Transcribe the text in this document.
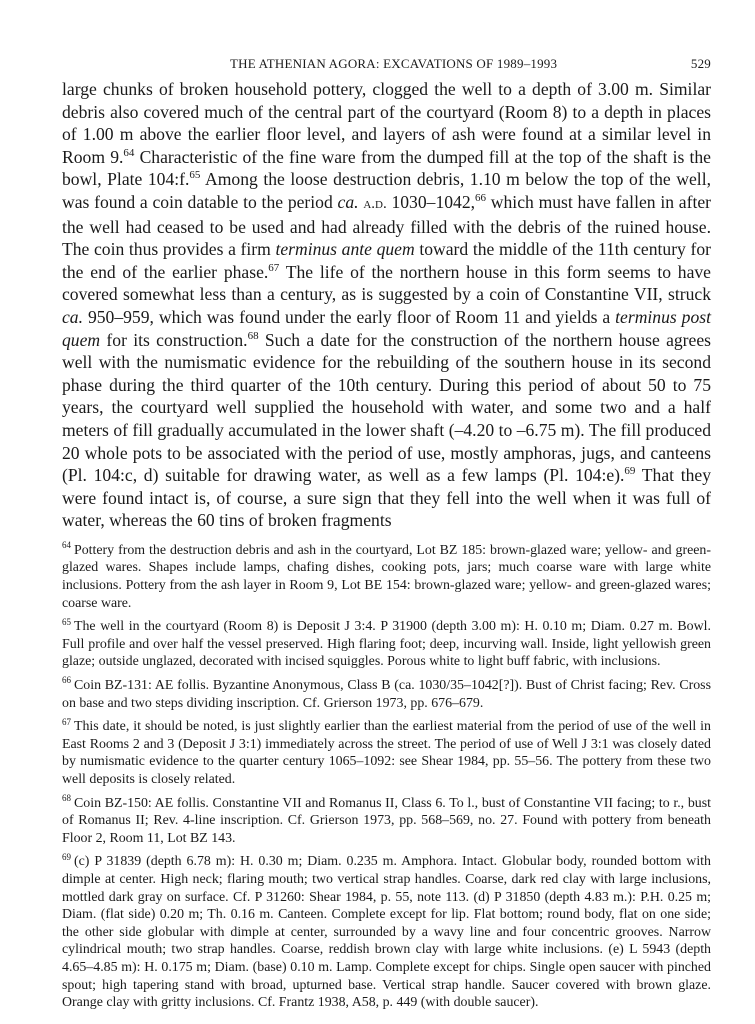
THE ATHENIAN AGORA: EXCAVATIONS OF 1989–1993	529
large chunks of broken household pottery, clogged the well to a depth of 3.00 m. Similar debris also covered much of the central part of the courtyard (Room 8) to a depth in places of 1.00 m above the earlier floor level, and layers of ash were found at a similar level in Room 9.64 Characteristic of the fine ware from the dumped fill at the top of the shaft is the bowl, Plate 104:f.$^{65}$ Among the loose destruction debris, 1.10 m below the top of the well, was found a coin datable to the period ca. a.d. 1030–1042,66 which must have fallen in after the well had ceased to be used and had already filled with the debris of the ruined house. The coin thus provides a firm terminus ante quem toward the middle of the 11th century for the end of the earlier phase.$^{67}$ The life of the northern house in this form seems to have covered somewhat less than a century, as is suggested by a coin of Constantine VII, struck ca. 950–959, which was found under the early floor of Room 11 and yields a terminus post quem for its construction.$^{68}$ Such a date for the construction of the northern house agrees well with the numismatic evidence for the rebuilding of the southern house in its second phase during the third quarter of the 10th century. During this period of about 50 to 75 years, the courtyard well supplied the household with water, and some two and a half meters of fill gradually accumulated in the lower shaft (–4.20 to –6.75 m). The fill produced 20 whole pots to be associated with the period of use, mostly amphoras, jugs, and canteens (Pl. 104:c, d) suitable for drawing water, as well as a few lamps (Pl. 104:e).$^{69}$ That they were found intact is, of course, a sure sign that they fell into the well when it was full of water, whereas the 60 tins of broken fragments

$^{64}$ Pottery from the destruction debris and ash in the courtyard, Lot BZ 185: brown-glazed ware; yellow- and green-glazed wares. Shapes include lamps, chafing dishes, cooking pots, jars; much coarse ware with large white inclusions. Pottery from the ash layer in Room 9, Lot BE 154: brown-glazed ware; yellow- and green-glazed wares; coarse ware.

$^{65}$ The well in the courtyard (Room 8) is Deposit J 3:4. P 31900 (depth 3.00 m): H. 0.10 m; Diam. 0.27 m. Bowl. Full profile and over half the vessel preserved. High flaring foot; deep, incurving wall. Inside, light yellowish green glaze; outside unglazed, decorated with incised squiggles. Porous white to light buff fabric, with inclusions.

$^{66}$ Coin BZ-131: AE follis. Byzantine Anonymous, Class B (ca. 1030/35–1042[?]). Bust of Christ facing; Rev. Cross on base and two steps dividing inscription. Cf. Grierson 1973, pp. 676–679.

$^{67}$ This date, it should be noted, is just slightly earlier than the earliest material from the period of use of the well in East Rooms 2 and 3 (Deposit J 3:1) immediately across the street. The period of use of Well J 3:1 was closely dated by numismatic evidence to the quarter century 1065–1092: see Shear 1984, pp. 55–56. The pottery from these two well deposits is closely related.

$^{68}$ Coin BZ-150: AE follis. Constantine VII and Romanus II, Class 6. To l., bust of Constantine VII facing; to r., bust of Romanus II; Rev. 4-line inscription. Cf. Grierson 1973, pp. 568–569, no. 27. Found with pottery from beneath Floor 2, Room 11, Lot BZ 143.

$^{69}$ (c) P 31839 (depth 6.78 m): H. 0.30 m; Diam. 0.235 m. Amphora. Intact. Globular body, rounded bottom with dimple at center. High neck; flaring mouth; two vertical strap handles. Coarse, dark red clay with large inclusions, mottled dark gray on surface. Cf. P 31260: Shear 1984, p. 55, note 113. (d) P 31850 (depth 4.83 m.): P.H. 0.25 m; Diam. (flat side) 0.20 m; Th. 0.16 m. Canteen. Complete except for lip. Flat bottom; round body, flat on one side; the other side globular with dimple at center, surrounded by a wavy line and four concentric grooves. Narrow cylindrical mouth; two strap handles. Coarse, reddish brown clay with large white inclusions. (e) L 5943 (depth 4.65–4.85 m): H. 0.175 m; Diam. (base) 0.10 m. Lamp. Complete except for chips. Single open saucer with pinched spout; high tapering stand with broad, upturned base. Vertical strap handle. Saucer covered with brown glaze. Orange clay with gritty inclusions. Cf. Frantz 1938, A58, p. 449 (with double saucer).
